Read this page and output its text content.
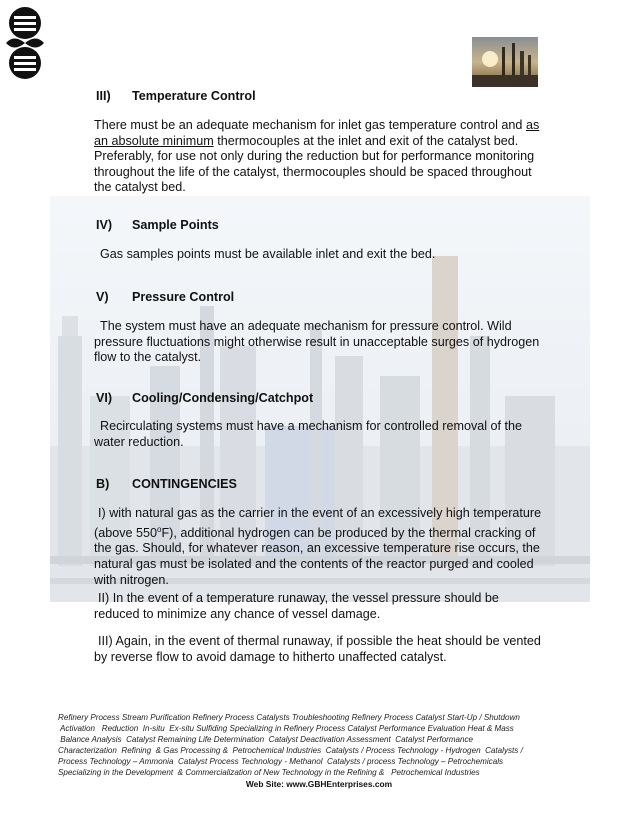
III)	Temperature Control
There must be an adequate mechanism for inlet gas temperature control and as an absolute minimum thermocouples at the inlet and exit of the catalyst bed. Preferably, for use not only during the reduction but for performance monitoring throughout the life of the catalyst, thermocouples should be spaced throughout the catalyst bed.
IV)	Sample Points
Gas samples points must be available inlet and exit the bed.
V)	Pressure Control
The system must have an adequate mechanism for pressure control. Wild pressure fluctuations might otherwise result in unacceptable surges of hydrogen flow to the catalyst.
VI)	Cooling/Condensing/Catchpot
Recirculating systems must have a mechanism for controlled removal of the water reduction.
B)	CONTINGENCIES
I) with natural gas as the carrier in the event of an excessively high temperature (above 550$^o$F), additional hydrogen can be produced by the thermal cracking of the gas. Should, for whatever reason, an excessive temperature rise occurs, the natural gas must be isolated and the contents of the reactor purged and cooled with nitrogen.
II) In the event of a temperature runaway, the vessel pressure should be reduced to minimize any chance of vessel damage.
III) Again, in the event of thermal runaway, if possible the heat should be vented by reverse flow to avoid damage to hitherto unaffected catalyst.
Refinery Process Stream Purification Refinery Process Catalysts Troubleshooting Refinery Process Catalyst Start-Up / Shutdown
Activation   Reduction  In-situ  Ex-situ Sulfiding Specializing in Refinery Process Catalyst Performance Evaluation Heat & Mass
Balance Analysis  Catalyst Remaining Life Determination  Catalyst Deactivation Assessment  Catalyst Performance
Characterization  Refining  & Gas Processing &  Petrochemical Industries  Catalysts / Process Technology - Hydrogen  Catalysts /
Process Technology – Ammonia  Catalyst Process Technology - Methanol  Catalysts / process Technology – Petrochemicals
Specializing in the Development  & Commercialization of New Technology in the Refining &   Petrochemical Industries
Web Site: www.GBHEnterprises.com
